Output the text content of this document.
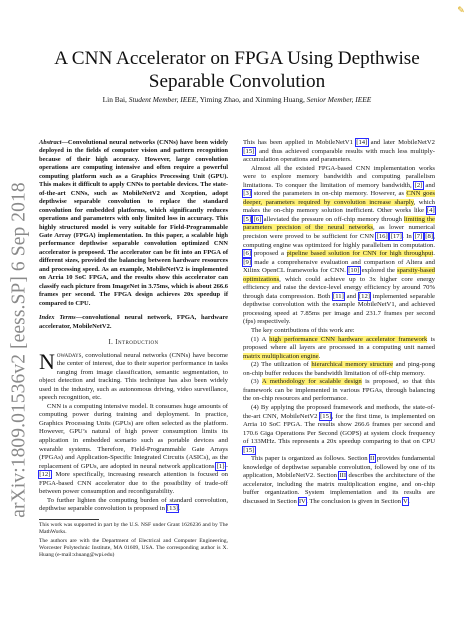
✎
arXiv:1809.01536v2 [eess.SP] 6 Sep 2018
A CNN Accelerator on FPGA Using Depthwise Separable Convolution
Lin Bai, Student Member, IEEE, Yiming Zhao, and Xinming Huang, Senior Member, IEEE

Abstract—Convolutional neural networks (CNNs) have been widely deployed in the fields of computer vision and pattern recognition because of their high accuracy. However, large convolution operations are computing intensive and often require a powerful computing platform such as a Graphics Processing Unit (GPU). This makes it difficult to apply CNNs to portable devices. The state-of-the-art CNNs, such as MobileNetV2 and Xception, adopt depthwise separable convolution to replace the standard convolution for embedded platforms, which significantly reduces operations and parameters with only limited loss in accuracy. This highly structured model is very suitable for Field-Programmable Gate Array (FPGA) implementation. In this paper, a scalable high performance depthwise separable convolution optimized CNN accelerator is proposed. The accelerator can be fit into an FPGA of different sizes, provided the balancing between hardware resources and processing speed. As an example, MobileNetV2 is implemented on Arria 10 SoC FPGA, and the results show this accelerator can classify each picture from ImageNet in 3.75ms, which is about 266.6 frames per second. The FPGA design achieves 20x speedup if compared to CPU.

Index Terms—convolutional neural network, FPGA, hardware accelerator, MobileNetV2.

I. Introduction

Nowadays, convolutional neural networks (CNNs) have become the center of interest, due to their superior performance in tasks ranging from image classification, semantic segmentation, to object detection and tracking. This technique has also been widely used in the industry, such as autonomous driving, video surveillance, speech recognition, etc.

CNN is a computing intensive model. It consumes huge amounts of computing power during training and deployment. In practice, Graphics Processing Units (GPUs) are often selected as the platform. However, GPU’s natural of high power consumption limits its application in embedded scenario such as portable devices and wearable systems. Therefore, Field-Programmable Gate Arrays (FPGAs) and Application-Specific Integrated Circuits (ASICs), as the replacement of GPUs, are adopted in neural network applications [1]–[12]. More specifically, increasing research attention is focused on FPGA-based CNN accelerator due to the possibility of trade-off between power consumption and reconfigurability.

To further lighten the computing burden of standard convolution, depthwise separable convolution is proposed in [13].

This work was supported in part by the U.S. NSF under Grant 1626236 and by The MathWorks.

The authors are with the Department of Electrical and Computer Engineering, Worcester Polytechnic Institute, MA 01609, USA. The corresponding author is X. Huang (e-mail:xhuang@wpi.edu)

This has been applied in MobileNetV1 [14] and later MobileNetV2 [15], and thus achieved comparable results with much less multiply-accumulation operations and parameters.

Almost all the existed FPGA-based CNN implementation works were to explore memory bandwidth and computing parallelism limitations. To conquer the limitation of memory bandwidth, [2] and [3] stored the parameters in on-chip memory. However, as CNN goes deeper, parameters required by convolution increase sharply, which makes the on-chip memory solution inefficient. Other works like [4] [5] [6] alleviated the pressure on off-chip memory through limiting the parameters precision of the neural networks, as lower numerical precision were proved to be sufficient for CNN [16] [17]. In [7] [8], computing engine was optimized for highly parallelism in computation. [6] proposed a pipeline based solution for CNN for high throughput. [9] made a comprehensive evaluation and comparison of Altera and Xilinx OpenCL frameworks for CNN. [10] explored the sparsity-based optimizations, which could achieve up to 3x higher core energy efficiency and raise the device-level energy efficiency by around 70% through data compression. Both [11] and [12] implemented separable depthwise convolution with the example MobileNetV1, and achieved processing speed at 7.85ms per image and 231.7 frames per second (fps) respectively.

The key contributions of this work are:

(1) A high performance CNN hardware accelerator framework is proposed where all layers are processed in a computing unit named matrix multiplication engine.

(2) The utilization of hierarchical memory structure and ping-pong on-chip buffer reduces the bandwidth limitation of off-chip memory.

(3) A methodology for scalable design is proposed, so that this framework can be implemented in various FPGAs, through balancing the on-chip resources and performance.

(4) By applying the proposed framework and methods, the state-of-the-art CNN, MobileNetV2 [15], for the first time, is implemented on Arria 10 SoC FPGA. The results show 266.6 frames per second and 170.6 Giga Operations Per Second (GOPS) at system clock frequency of 133MHz. This represents a 20x speedup comparing to that on CPU [15].

This paper is organized as follows. Section II provides fundamental knowledge of depthwise separable convolution, followed by one of its application, MobileNetV2. Section III describes the architecture of the accelerator, including the matrix multiplication engine, and on-chip buffer organization. System implementation and its results are discussed in Section IV. The conclusion is given in Section V.
